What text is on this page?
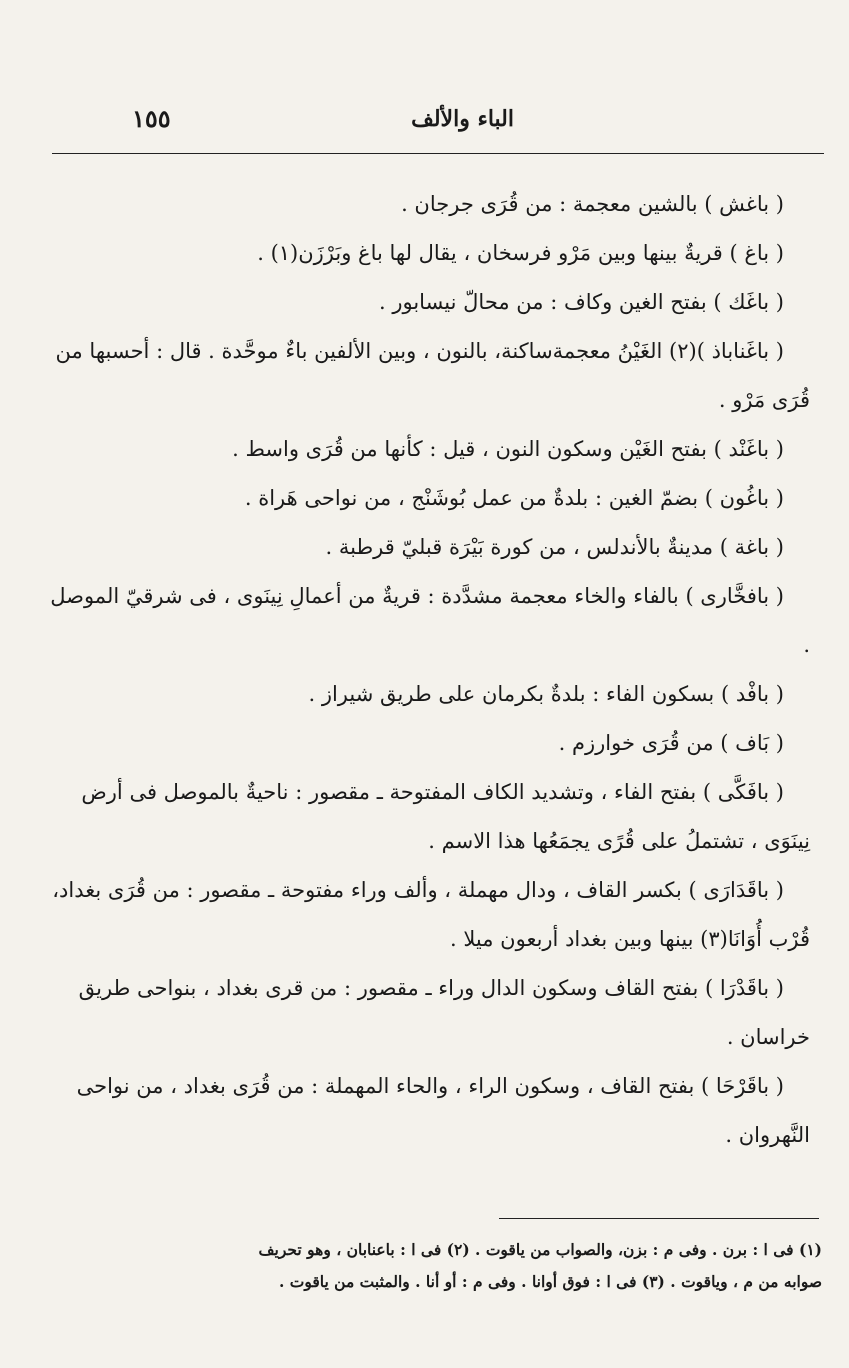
الباء والألف
١٥٥

( باغش ) بالشين معجمة : من قُرَى جرجان .

( باغ ) قريةٌ بينها وبين مَرْو فرسخان ، يقال لها باغ وبَرْزَن(١) .

( باغَك ) بفتح الغين وكاف : من محالّ نيسابور .

( باغَناباذ )(٢) الغَيْنُ معجمةساكنة، بالنون ، وبين الألفين باءٌ موحَّدة . قال : أحسبها من قُرَى مَرْو .

( باغَنْد ) بفتح الغَيْن وسكون النون ، قيل : كأنها من قُرَى واسط .

( باغُون ) بضمّ الغين : بلدةٌ من عمل بُوشَنْج ، من نواحى هَراة .

( باغة ) مدينةٌ بالأندلس ، من كورة بَيْرَة قبليّ قرطبة .

( بافخَّارى ) بالفاء والخاء معجمة مشدَّدة : قريةٌ من أعمالِ نِينَوى ، فى شرقيّ الموصل .

( بافْد ) بسكون الفاء : بلدةٌ بكرمان على طريق شيراز .

( بَاف ) من قُرَى خوارزم .

( بافَكَّى ) بفتح الفاء ، وتشديد الكاف المفتوحة ـ مقصور : ناحيةٌ بالموصل فى أرض نِينَوَى ، تشتملُ على قُرًى يجمَعُها هذا الاسم .

( باقَدَارَى ) بكسر القاف ، ودال مهملة ، وألف وراء مفتوحة ـ مقصور : من قُرَى بغداد، قُرْب أُوَانَا(٣) بينها وبين بغداد أربعون ميلا .

( باقَدْرَا ) بفتح القاف وسكون الدال وراء ـ مقصور : من قرى بغداد ، بنواحى طريق خراسان .

( باقَرْحَا ) بفتح القاف ، وسكون الراء ، والحاء المهملة : من قُرَى بغداد ، من نواحى النَّهروان .

(١) فى ا : برن . وفى م : بزن، والصواب من ياقوت . (٢) فى ا : باعنابان ، وهو تحريف

صوابه من م ، وياقوت . (٣) فى ا : فوق أوانا . وفى م : أو أنا . والمثبت من ياقوت .
